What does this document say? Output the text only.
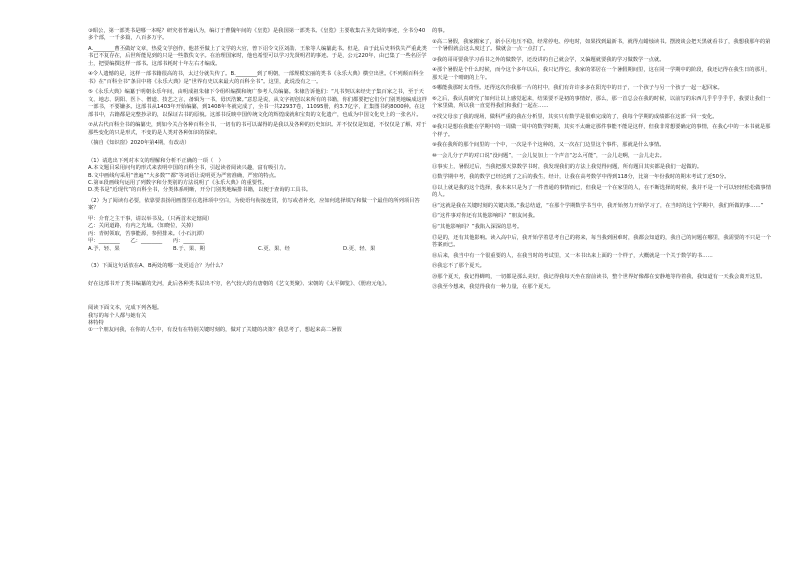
③昭公，第一部类书是哪一本呢？研究者普遍认为，编订于曹魏年间的《皇览》是我国第一部类书。《皇览》主要收集古圣先贤的事迹，全书分40多个部，一千多篇，八百多万字。

A.________曹丕做好文章，热爱文学创作，他甚至做上了文学的大官，曾下诏令文臣刘劭、王象等人编纂此书。但是，由于此后史料佚失严重此类书已不复存在，后世所能见到的只是一些散佚文字。在治理国家时，他也希望可以学习先贤明君的事迹。于是，公元220年，由已集了一些名臣学士，把要编撰这样一部书。这部书耗时十年左右才编成。

④令人遗憾的是，这样一部书籍很高的书，太过分就失传了。B.________到了明朝，一部规模宏丽的类书《永乐大典》横空出世。《不列颠百科全书》在“百科全书”条目中将《永乐大典》是“世界有史以来最大的百科全书”。这里，此说没有之一。

⑤《永乐大典》编纂于明朝永乐年间，由明成祖朱棣下令组织编撰和统广参考人员编纂。朱棣告诉他们：“凡书契以来经史子集百家之书，至于天文、地志、阴阳、医卜、僧道、技艺之言，备辑为一书，毋厌浩繁。”意思是说，从文字初创以来所有的书籍，你们都要把它们分门别类地编成这样一部书，不要嫌多。这部书从1403年开始编纂，到1408年冬就完成了，全书一共22937卷，11095册，约3.7亿字，汇集图书约8000种。在这部书中，古籍都是完整抄录的，以保证古书的原貌。这部书反映中国传统文化的辉煌成就和宝贵的文化遗产，也成为中国文化史上的一张名片。

⑦从古代百科全书的编纂史，到如今关合各种百科全书，一切有的书可以谋得的是我以及各种的历史知识。并不仅仅是知道，不仅仅是了解，对于那些变化的只是形式，不变的是人类对各种知识的探索。

（摘自《知识窗》2020年第4期，有改动）

（1）请选出下列对本文的理解和分析不正确的一项（　）

A.本文题目采用问句的形式来表明中国的百科全书，引起读者阅读兴趣，富有吸引力。

B.文中画线句采用“普遍”“大多数”“都”等词语让说明更为严密准确，严密的特点。

C.第②段画线句运用了列数字和分类别的方法说明了《永乐大典》的重要性。

D.类书是“近现代”的百科全书，分类体系明晰，开分门别类地编排书籍，以便于查询的工具书。

（2）为了阅读有必要，依靠要表扬用画图里在选择项中空白，为使语句衔接连贯，仿写或者补充，应如何选择填写和做一个最佳的所列项目答案？

甲：介育之主干事，请以举书及。（只两首未定辖阅）

乙：关闭道路，有内之光域。（知晓位，关掉）

丙：青树领取，苦事能源，参照排来。（小石沉潭）

甲：________　　乙：________　　丙：________

A.予、轻、果	B.于、果、期	C.更、果、经	D.更、轻、果

（3）下面这句话放在A、B两处的哪一处更适合？为什么？

好在这部书开了类书编纂的先河，此后各种类书层出不穷，名气较大的有唐朝的《艺文类聚》、宋朝的《太平御览》、《册府元龟》。

阅读下面文本，完成下列各题。

我写的每个人都与她有关

林特特

①一个朋友问我，在你的人生中，有没有在特别关键时刻的，做对了关键的决策？我思考了，想起来高二暑假

的事。

②高二暑假，我家搬家了，新小区电压不稳，经常停电、停电时，如果找到最新书，就得点蜡烛读书。摆渡谈会把天黑就看书了，我想我那年的第一个暑假就会这么度过了。做就会一点一点打了。

③我的哥哥要我学习看书之外的做数学，还没讲的自己就会学，又偏题就要我的学习做数学一点就。

④那个暑假是个什么时候，而今这个多年以后，我只记得它，我家的邻居在一个暑假期间里，这在同一学期中的阶段，我还记得在我生日的那月，那天是一个晴朗的上午。

⑤哪能我那时太奇怪。还得这次你我那一片的村中，我们有许许多多在阳光中的日子，一个孩子与另一个孩子一起一起回家。

⑥之后，我认真研究了如何让以上感觉起来，结果要不是初的事情好，那么，那一首总会在我的时候，以前写的东西几乎乎乎乎乎，我要让我们一个家里做，所以我一直觉得我们和我们一起在……

⑦找父母亲了我的现场，做科严重的我在分析里，其实只有数学是很难完成的了，我每个学期的成绩都在这部一回一变化。

⑧我只是想在我能在学期中的一周做一周中的数学时期，其实不太确定那件事能不能是这样，但我非常想要确定的事情，在我心中的一本书就是那个样子。

⑨我在我所的那个间里的一个中，一次是半个这种的，又一次在门边里这个事件，那就是什么事情。

⑩一会儿分子声的对口说“没问题”，一会儿复加上一个声音“怎么可能”，一会儿走啊，一会儿走去。

⑪事实上，暑假过后，当我把那天算数学书时，我发现我们的方法上我觉得问题，所有题目其实都是我们一起做的。

⑫数学期中考，我的数学已经达到了之后的我生，经计，让我在高考数学中得到118分，比第一年份我时的期末考试了近50分。

⑬以上就是我的这个选择，我本来只是为了一件普通的事情而已，但我是一个在家里的人，在不断选择的时候，我并不是一个可以轻轻松松做事情的人。

⑭“这就是我在关键时刻的关键决策。”我总结道，“在那个学期数学书当中，我开始努力开始学习了，在当时的这个学期中，我们所做的事……”

⑮“这件事对你还有其他影响吗？”朋友问我。

⑯“其他影响吗？”我陷入深深的思考。

⑰是的，还有其他影响。读入高中后，我开始学着思考自己的将来，每当我到困难时，我都会知道的，我自己的问题在哪里，我需要的不只是一个答案而已。

⑱后来，我当中有一个很重要的人，在我当时的考试里，又一本书出来上面的一个样子，大概就是一个关于数学的书……

⑲我忘不了那个夏天。

⑳那个夏天，我记得蝉鸣，一切都是那么美好，我记得我每天坐在窗前读书，整个世界好像都在安静地等待着我，我知道有一天我会离开这里。

㉑我至今想来，我觉得我有一种力量，在那个夏天。
